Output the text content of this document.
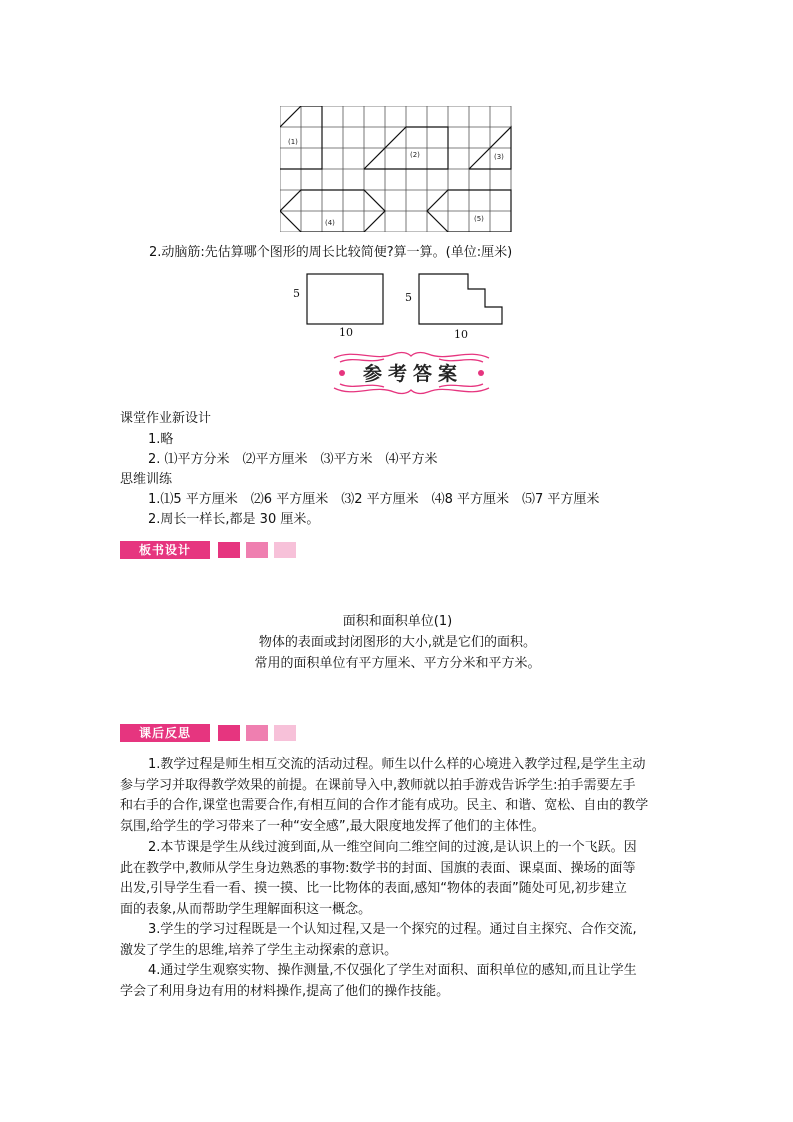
(1)
(2)	(3)
(4)	(5)
2.动脑筋:先估算哪个图形的周长比较简便?算一算。(单位:厘米)
5
10
5
10
参考答案
课堂作业新设计
1.略
2. ⑴平方分米　⑵平方厘米　⑶平方米　⑷平方米
思维训练
1.⑴5 平方厘米　⑵6 平方厘米　⑶2 平方厘米　⑷8 平方厘米　⑸7 平方厘米
2.周长一样长,都是 30 厘米。
板书设计
面积和面积单位(1)
物体的表面或封闭图形的大小,就是它们的面积。
常用的面积单位有平方厘米、平方分米和平方米。
课后反思
1.教学过程是师生相互交流的活动过程。师生以什么样的心境进入教学过程,是学生主动
参与学习并取得教学效果的前提。在课前导入中,教师就以拍手游戏告诉学生:拍手需要左手
和右手的合作,课堂也需要合作,有相互间的合作才能有成功。民主、和谐、宽松、自由的教学
氛围,给学生的学习带来了一种“安全感”,最大限度地发挥了他们的主体性。
2.本节课是学生从线过渡到面,从一维空间向二维空间的过渡,是认识上的一个飞跃。因
此在教学中,教师从学生身边熟悉的事物:数学书的封面、国旗的表面、课桌面、操场的面等
出发,引导学生看一看、摸一摸、比一比物体的表面,感知“物体的表面”随处可见,初步建立
面的表象,从而帮助学生理解面积这一概念。
3.学生的学习过程既是一个认知过程,又是一个探究的过程。通过自主探究、合作交流,
激发了学生的思维,培养了学生主动探索的意识。
4.通过学生观察实物、操作测量,不仅强化了学生对面积、面积单位的感知,而且让学生
学会了利用身边有用的材料操作,提高了他们的操作技能。
